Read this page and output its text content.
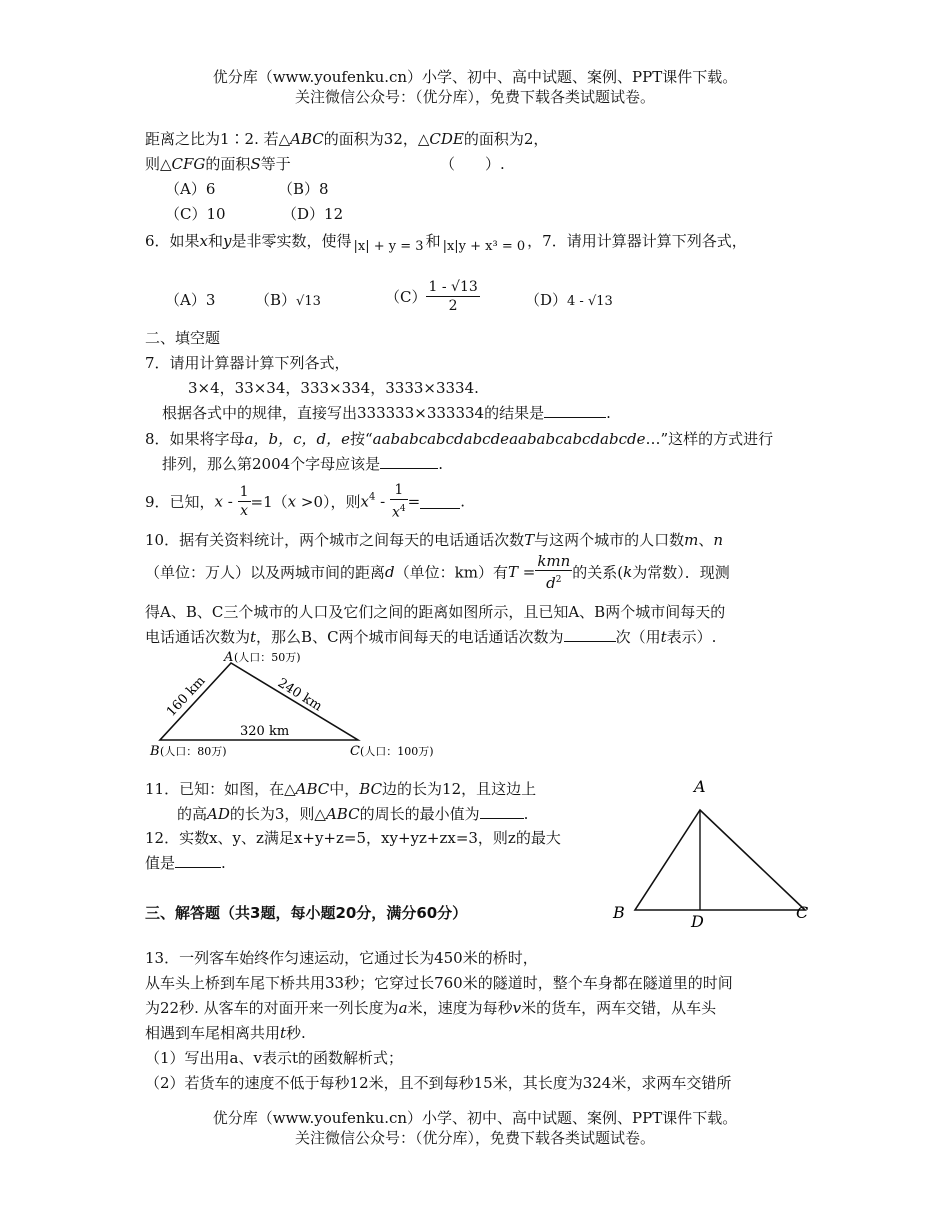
优分库（www.youfenku.cn）小学、初中、高中试题、案例、PPT课件下载。
关注微信公众号：（优分库），免费下载各类试题试卷。
距离之比为1∶2. 若△ABC的面积为32，△CDE的面积为2，
则△CFG的面积S等于	（　　）.
（A）6	（B）8
（C）10	（D）12
6．如果x和y是非零实数，使得 |x| + y = 3 和 |x|y + x³ = 0 ，7．请用计算器计算下列各式，
（A）3	（B）√13	$(C) \frac{1 - √13}{2}$	（D）4 - √13
二、填空题
7．请用计算器计算下列各式，
3×4，33×34，333×334，3333×3334.
根据各式中的规律，直接写出333333×333334的结果是	.
8．如果将字母a，b，c，d，e按“aababcabcdabcdeaababcabcdabcde…”这样的方式进行
排列，那么第2004个字母应该是	.
9．已知，$x - \frac{1}{x} =1(x >0)$，则$x^4 - \frac{1}{x^4}$ =	.
10．据有关资料统计，两个城市之间每天的电话通话次数T与这两个城市的人口数m、n
（单位：万人）以及两城市间的距离d（单位：km）有$T = \frac{\text{kmn}}{d^2}$ 的关系(k为常数）．现测
得A、B、C三个城市的人口及它们之间的距离如图所示，且已知A、B两个城市间每天的
电话通话次数为t，那么B、C两个城市间每天的电话通话次数为	次（用t表示）.
A (人口：50万)
B (人口：80万)	C (人口：100万)
160 km	240 km
320 km
11．已知：如图，在△ABC中，BC边的长为12，且这边上
的高AD的长为3，则△ABC的周长的最小值为	.
12．实数x、y、z满足x+y+z=5，xy+yz+zx=3，则z的最大
值是	.
A
B	C
D
三、解答题（共3题，每小题20分，满分60分）
13．一列客车始终作匀速运动，它通过长为450米的桥时，
从车头上桥到车尾下桥共用33秒；它穿过长760米的隧道时，整个车身都在隧道里的时间
为22秒. 从客车的对面开来一列长度为a米，速度为每秒v米的货车，两车交错，从车头
相遇到车尾相离共用t秒.
（1）写出用a、v表示t的函数解析式；
（2）若货车的速度不低于每秒12米，且不到每秒15米，其长度为324米，求两车交错所
优分库（www.youfenku.cn）小学、初中、高中试题、案例、PPT课件下载。
关注微信公众号：（优分库），免费下载各类试题试卷。
